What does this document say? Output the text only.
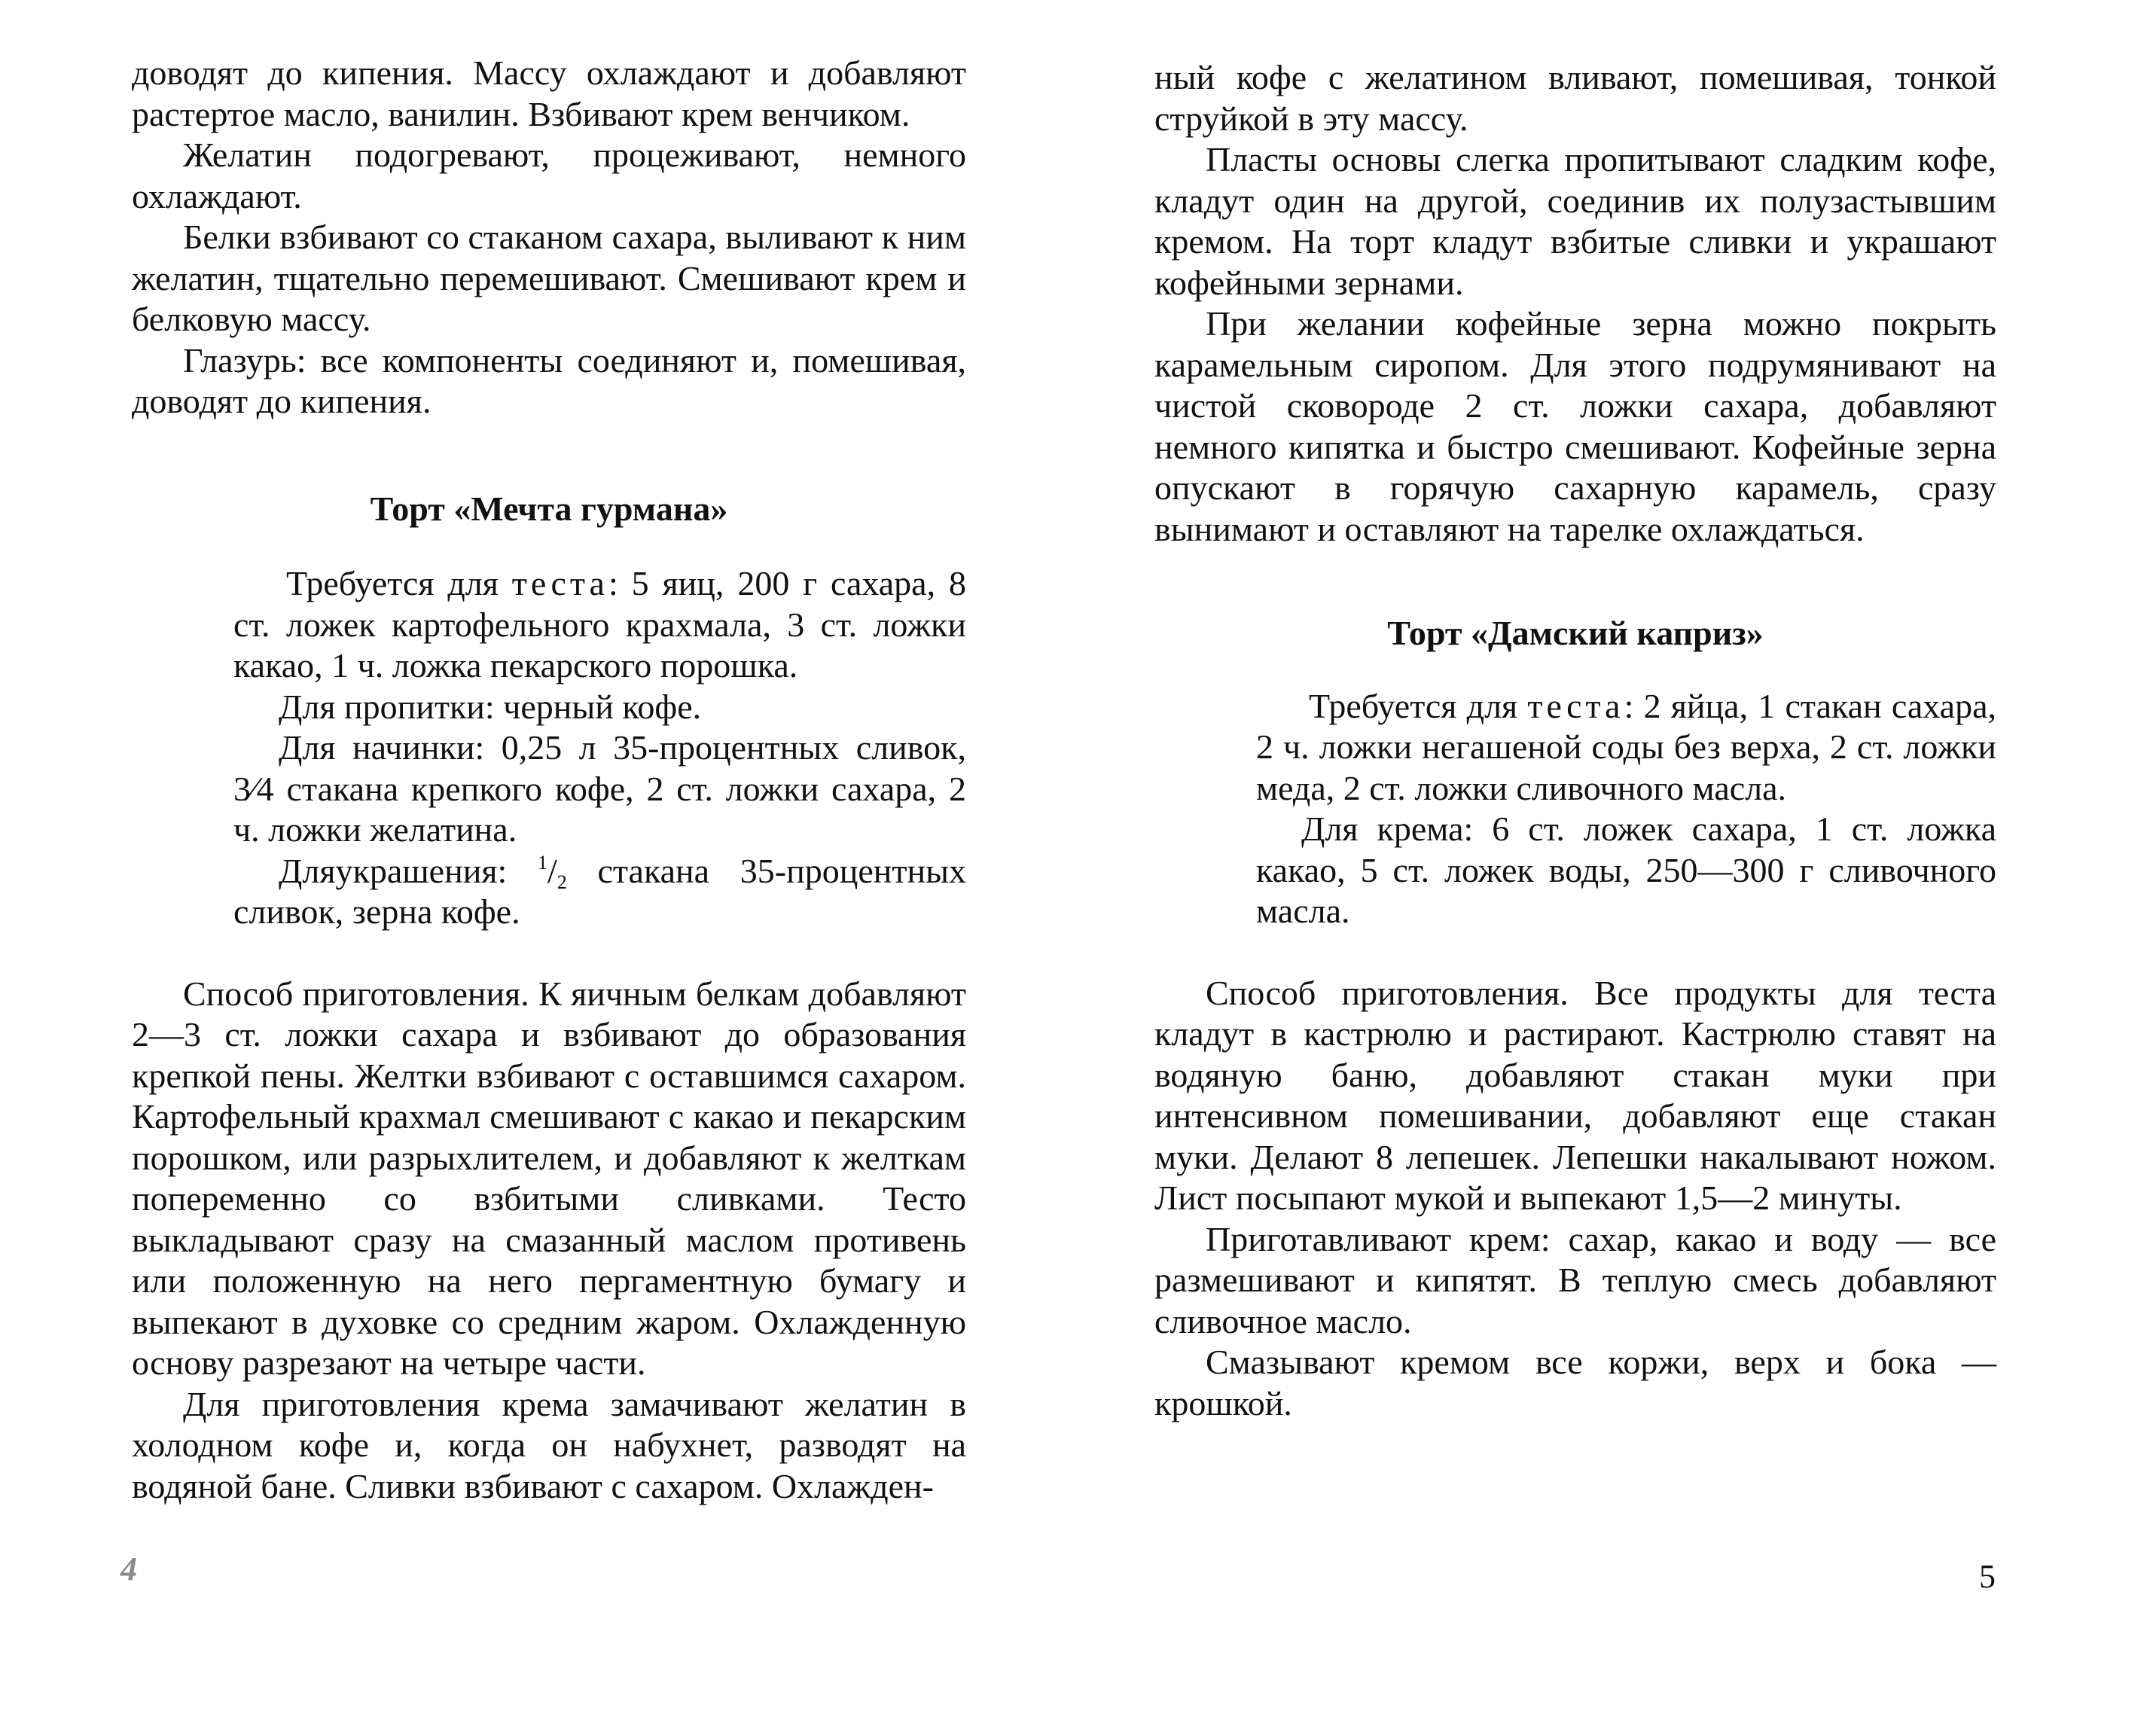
доводят до кипения. Массу охлаждают и добавляют растертое масло, ванилин. Взбивают крем венчиком.

Желатин подогревают, процеживают, немного охлаждают.

Белки взбивают со стаканом сахара, выливают к ним желатин, тщательно перемешивают. Смешивают крем и белковую массу.

Глазурь: все компоненты соединяют и, помешивая, доводят до кипения.

Торт «Мечта гурмана»

Требуется для теста: 5 яиц, 200 г сахара, 8 ст. ложек картофельного крахмала, 3 ст. ложки какао, 1 ч. ложка пекарского порошка.

Для пропитки: черный кофе.

Для начинки: 0,25 л 35-процентных сливок, 3⁄4 стакана крепкого кофе, 2 ст. ложки сахара, 2 ч. ложки желатина.

Дляукрашения: $^1/_2$ стакана 35-процентных сливок, зерна кофе.

Способ приготовления. К яичным белкам добавляют 2—3 ст. ложки сахара и взбивают до образования крепкой пены. Желтки взбивают с оставшимся сахаром. Картофельный крахмал смешивают с какао и пекарским порошком, или разрыхлителем, и добавляют к желткам попеременно со взбитыми сливками. Тесто выкладывают сразу на смазанный маслом противень или положенную на него пергаментную бумагу и выпекают в духовке со средним жаром. Охлажденную основу разрезают на четыре части.

Для приготовления крема замачивают желатин в холодном кофе и, когда он набухнет, разводят на водяной бане. Сливки взбивают с сахаром. Охлажден-

4

ный кофе с желатином вливают, помешивая, тонкой струйкой в эту массу.

Пласты основы слегка пропитывают сладким кофе, кладут один на другой, соединив их полузастывшим кремом. На торт кладут взбитые сливки и украшают кофейными зернами.

При желании кофейные зерна можно покрыть карамельным сиропом. Для этого подрумянивают на чистой сковороде 2 ст. ложки сахара, добавляют немного кипятка и быстро смешивают. Кофейные зерна опускают в горячую сахарную карамель, сразу вынимают и оставляют на тарелке охлаждаться.

Торт «Дамский каприз»

Требуется для теста: 2 яйца, 1 стакан сахара, 2 ч. ложки негашеной соды без верха, 2 ст. ложки меда, 2 ст. ложки сливочного масла.

Для крема: 6 ст. ложек сахара, 1 ст. ложка какао, 5 ст. ложек воды, 250—300 г сливочного масла.

Способ приготовления. Все продукты для теста кладут в кастрюлю и растирают. Кастрюлю ставят на водяную баню, добавляют стакан муки при интенсивном помешивании, добавляют еще стакан муки. Делают 8 лепешек. Лепешки накалывают ножом. Лист посыпают мукой и выпекают 1,5—2 минуты.

Приготавливают крем: сахар, какао и воду — все размешивают и кипятят. В теплую смесь добавляют сливочное масло.

Смазывают кремом все коржи, верх и бока — крошкой.

5
